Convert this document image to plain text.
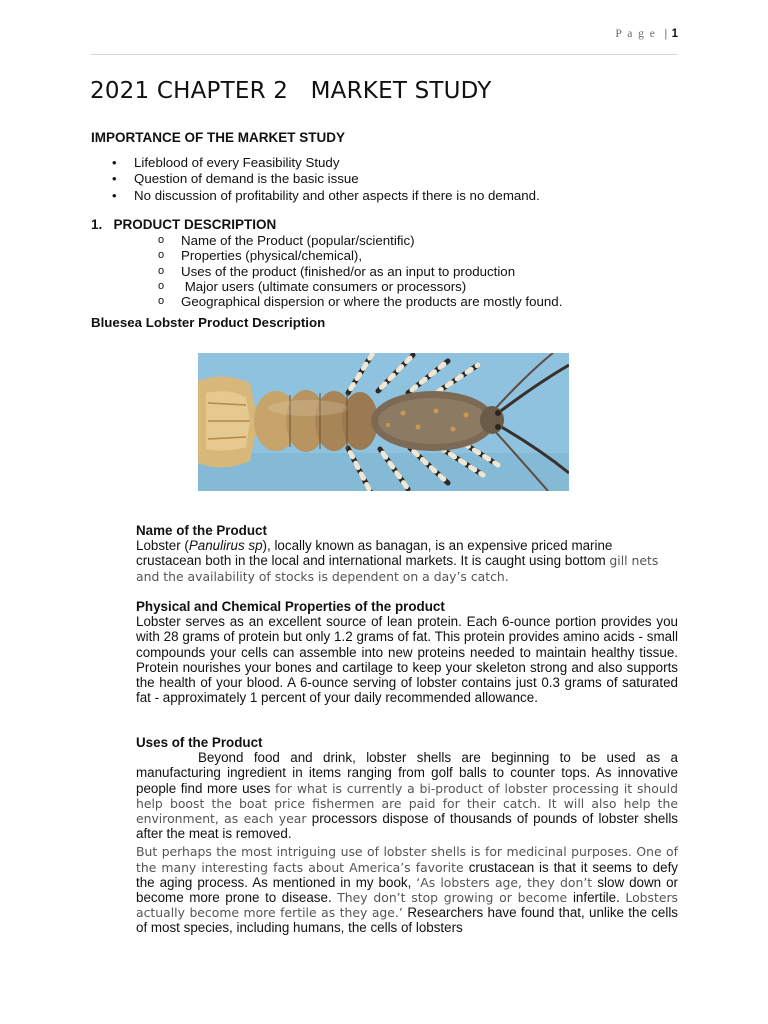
P a g e | 1
2021 CHAPTER 2   MARKET STUDY
IMPORTANCE OF THE MARKET STUDY
• Lifeblood of every Feasibility Study
• Question of demand is the basic issue
• No discussion of profitability and other aspects if there is no demand.
1.   PRODUCT DESCRIPTION
o Name of the Product (popular/scientific)
o Properties (physical/chemical),
o Uses of the product (finished/or as an input to production
o  Major users (ultimate consumers or processors)
o Geographical dispersion or where the products are mostly found.
Bluesea Lobster Product Description
Name of the Product

Lobster (Panulirus sp), locally known as banagan, is an expensive priced marine crustacean both in the local and international markets. It is caught using bottom gill nets and the availability of stocks is dependent on a day’s catch.

Physical and Chemical Properties of the product

Lobster serves as an excellent source of lean protein. Each 6-ounce portion provides you with 28 grams of protein but only 1.2 grams of fat. This protein provides amino acids - small compounds your cells can assemble into new proteins needed to maintain healthy tissue. Protein nourishes your bones and cartilage to keep your skeleton strong and also supports the health of your blood. A 6-ounce serving of lobster contains just 0.3 grams of saturated fat - approximately 1 percent of your daily recommended allowance.

Uses of the Product

Beyond food and drink, lobster shells are beginning to be used as a manufacturing ingredient in items ranging from golf balls to counter tops. As innovative people find more uses for what is currently a bi-product of lobster processing it should help boost the boat price fishermen are paid for their catch. It will also help the environment, as each year processors dispose of thousands of pounds of lobster shells after the meat is removed.

But perhaps the most intriguing use of lobster shells is for medicinal purposes. One of the many interesting facts about America’s favorite crustacean is that it seems to defy the aging process. As mentioned in my book, ‘As lobsters age, they don’t slow down or become more prone to disease. They don’t stop growing or become infertile. Lobsters actually become more fertile as they age.’ Researchers have found that, unlike the cells of most species, including humans, the cells of lobsters
